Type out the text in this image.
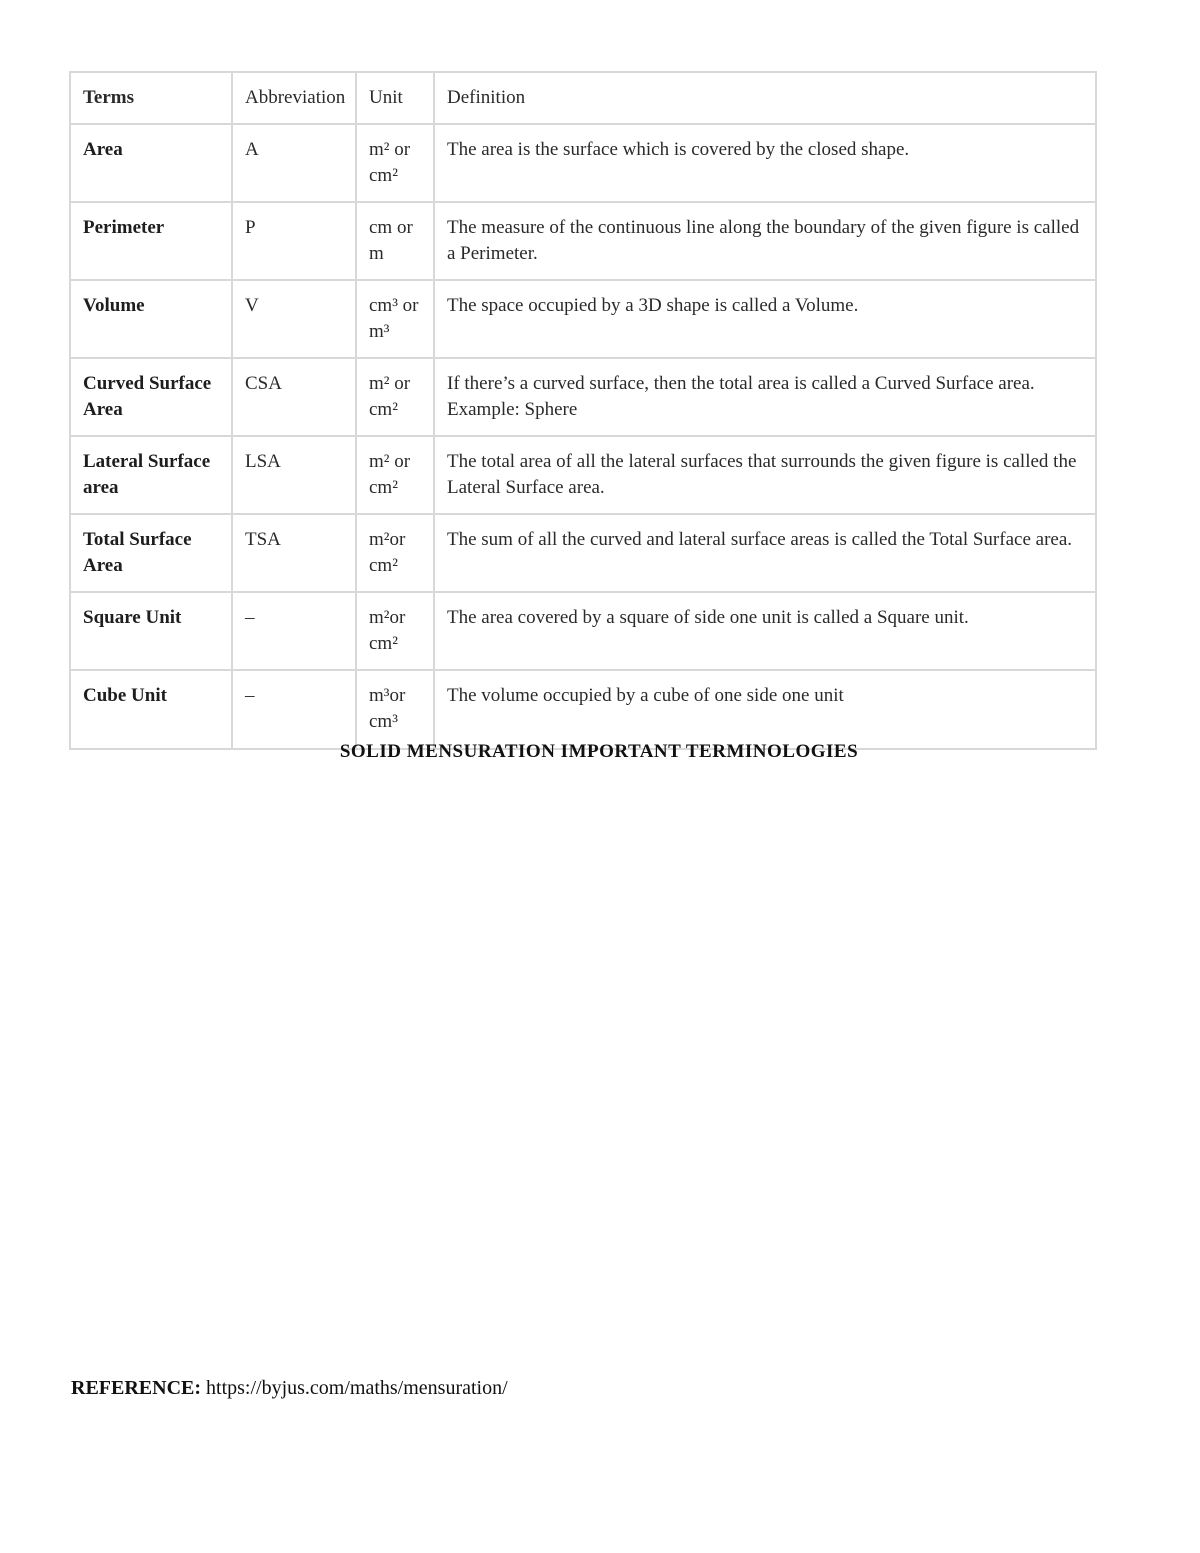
Terms	Abbreviation	Unit	Definition
Area	A	m² or cm²	The area is the surface which is covered by the closed shape.
Perimeter	P	cm or m	The measure of the continuous line along the boundary of the given figure is called a Perimeter.
Volume	V	cm³ or m³	The space occupied by a 3D shape is called a Volume.
Curved Surface Area	CSA	m² or cm²	If there’s a curved surface, then the total area is called a Curved Surface area. Example: Sphere
Lateral Surface area	LSA	m² or cm²	The total area of all the lateral surfaces that surrounds the given figure is called the Lateral Surface area.
Total Surface Area	TSA	m²or cm²	The sum of all the curved and lateral surface areas is called the Total Surface area.
Square Unit	–	m²or cm²	The area covered by a square of side one unit is called a Square unit.
Cube Unit	–	m³or cm³	The volume occupied by a cube of one side one unit
SOLID MENSURATION IMPORTANT TERMINOLOGIES
REFERENCE: https://byjus.com/maths/mensuration/
